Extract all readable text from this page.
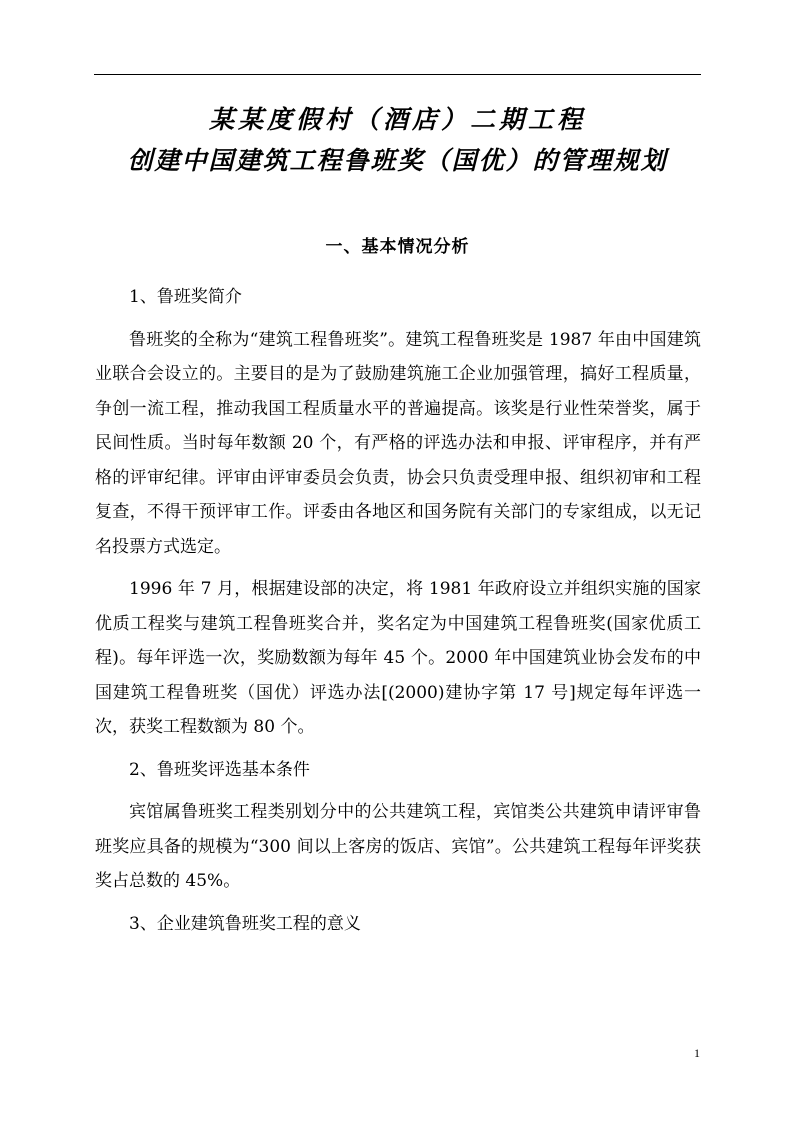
某某度假村（酒店）二期工程
创建中国建筑工程鲁班奖（国优）的管理规划
一、基本情况分析

1、鲁班奖简介

鲁班奖的全称为“建筑工程鲁班奖”。建筑工程鲁班奖是 1987 年由中国建筑业联合会设立的。主要目的是为了鼓励建筑施工企业加强管理，搞好工程质量，争创一流工程，推动我国工程质量水平的普遍提高。该奖是行业性荣誉奖，属于民间性质。当时每年数额 20 个，有严格的评选办法和申报、评审程序，并有严格的评审纪律。评审由评审委员会负责，协会只负责受理申报、组织初审和工程复查，不得干预评审工作。评委由各地区和国务院有关部门的专家组成，以无记名投票方式选定。

1996 年 7 月，根据建设部的决定，将 1981 年政府设立并组织实施的国家优质工程奖与建筑工程鲁班奖合并，奖名定为中国建筑工程鲁班奖(国家优质工程)。每年评选一次，奖励数额为每年 45 个。2000 年中国建筑业协会发布的中国建筑工程鲁班奖（国优）评选办法[(2000)建协字第 17 号]规定每年评选一次，获奖工程数额为 80 个。

2、鲁班奖评选基本条件

宾馆属鲁班奖工程类别划分中的公共建筑工程，宾馆类公共建筑申请评审鲁班奖应具备的规模为“300 间以上客房的饭店、宾馆”。公共建筑工程每年评奖获奖占总数的 45%。

3、企业建筑鲁班奖工程的意义

1
